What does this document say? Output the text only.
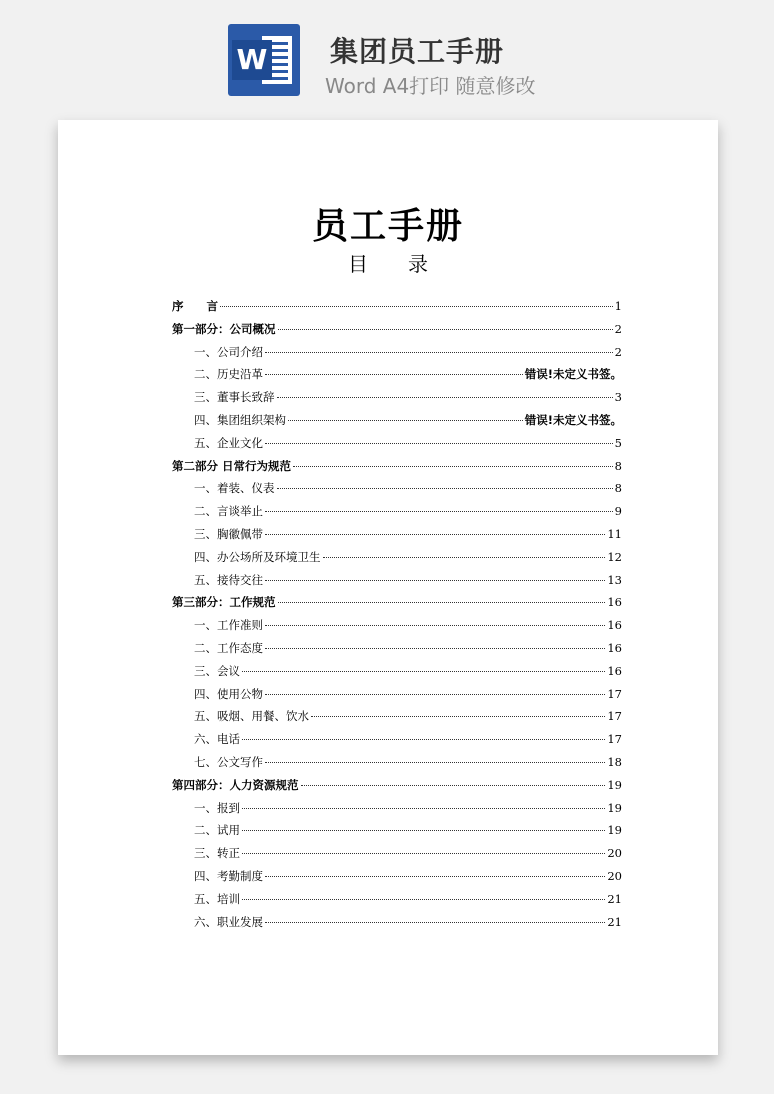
W 集团员工手册
Word A4打印 随意修改
员工手册
目录
序　　言	1
第一部分：公司概况	2
一、公司介绍	2
二、历史沿革	错误!未定义书签。
三、董事长致辞	3
四、集团组织架构	错误!未定义书签。
五、企业文化	5
第二部分 日常行为规范	8
一、着装、仪表	8
二、言谈举止	9
三、胸徽佩带	11
四、办公场所及环境卫生	12
五、接待交往	13
第三部分：工作规范	16
一、工作准则	16
二、工作态度	16
三、会议	16
四、使用公物	17
五、吸烟、用餐、饮水	17
六、电话	17
七、公文写作	18
第四部分：人力资源规范	19
一、报到	19
二、试用	19
三、转正	20
四、考勤制度	20
五、培训	21
六、职业发展	21
